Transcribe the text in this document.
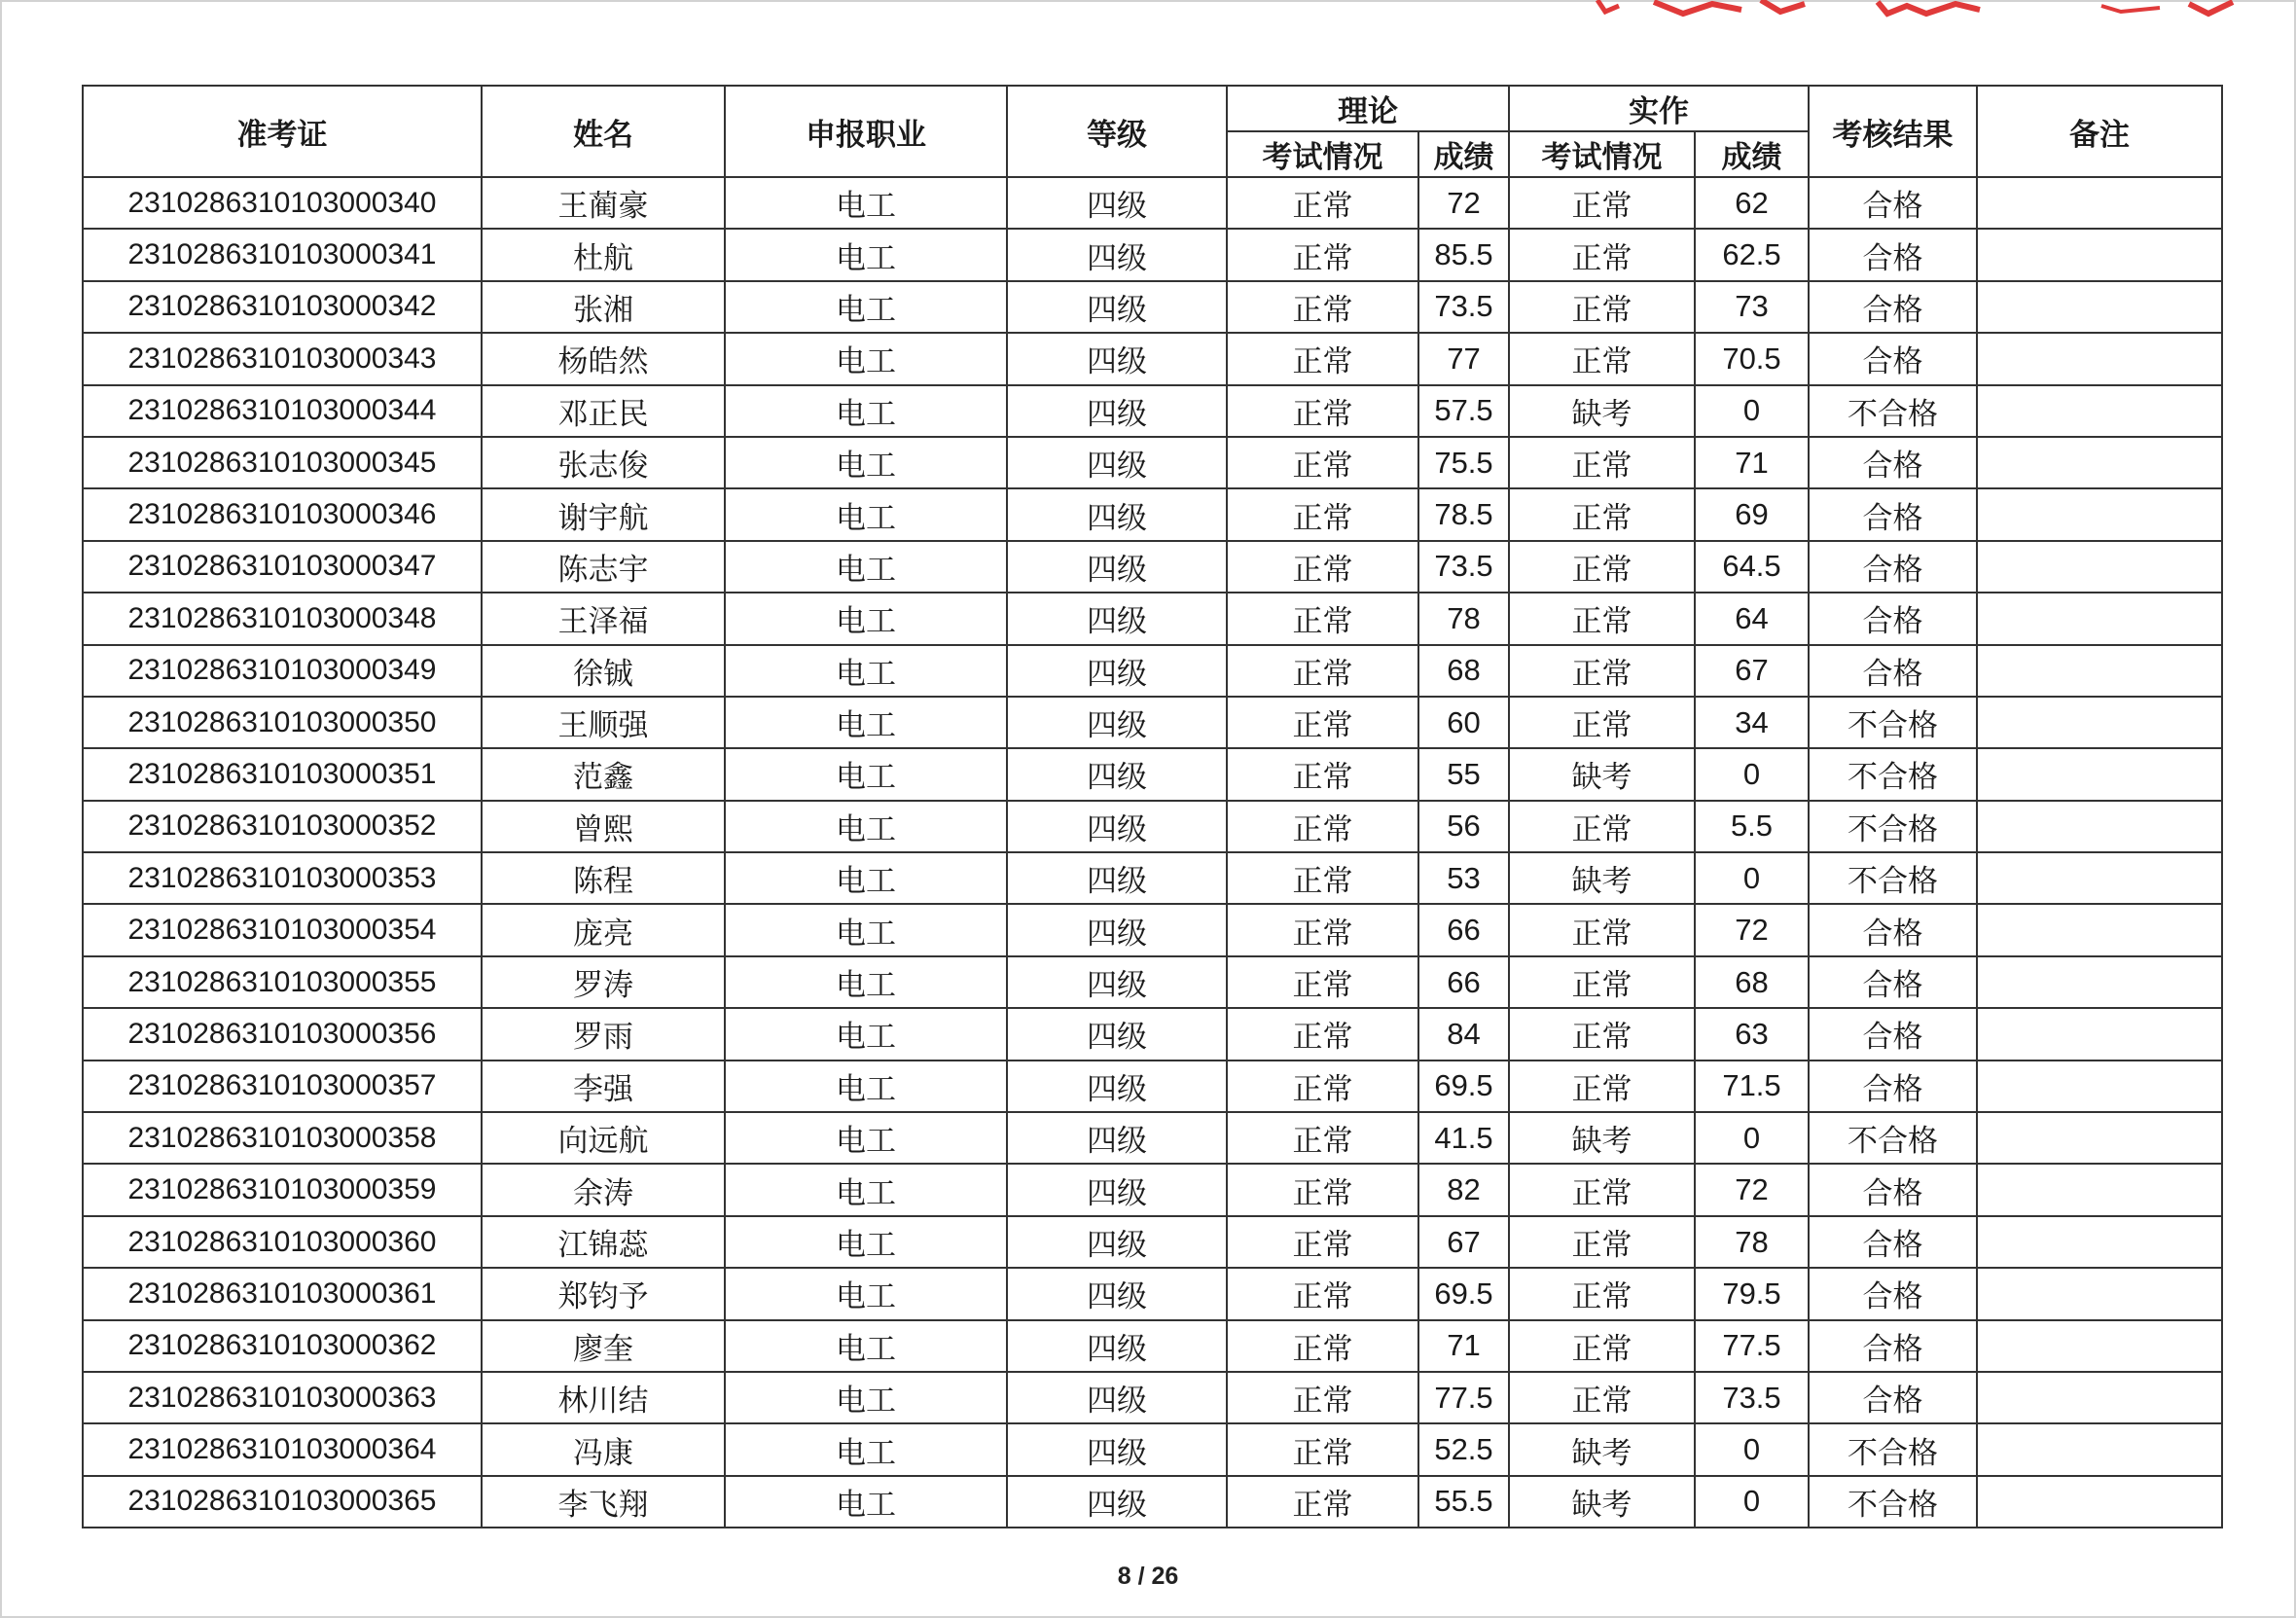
准考证	姓名	申报职业	等级	理论		实作		考核结果	备注
				考试情况	成绩	考试情况	成绩		
2310286310103000340	王蔺豪	电工	四级	正常	72	正常	62	合格	
2310286310103000341	杜航	电工	四级	正常	85.5	正常	62.5	合格	
2310286310103000342	张湘	电工	四级	正常	73.5	正常	73	合格	
2310286310103000343	杨皓然	电工	四级	正常	77	正常	70.5	合格	
2310286310103000344	邓正民	电工	四级	正常	57.5	缺考	0	不合格	
2310286310103000345	张志俊	电工	四级	正常	75.5	正常	71	合格	
2310286310103000346	谢宇航	电工	四级	正常	78.5	正常	69	合格	
2310286310103000347	陈志宇	电工	四级	正常	73.5	正常	64.5	合格	
2310286310103000348	王泽福	电工	四级	正常	78	正常	64	合格	
2310286310103000349	徐铖	电工	四级	正常	68	正常	67	合格	
2310286310103000350	王顺强	电工	四级	正常	60	正常	34	不合格	
2310286310103000351	范鑫	电工	四级	正常	55	缺考	0	不合格	
2310286310103000352	曾熙	电工	四级	正常	56	正常	5.5	不合格	
2310286310103000353	陈程	电工	四级	正常	53	缺考	0	不合格	
2310286310103000354	庞亮	电工	四级	正常	66	正常	72	合格	
2310286310103000355	罗涛	电工	四级	正常	66	正常	68	合格	
2310286310103000356	罗雨	电工	四级	正常	84	正常	63	合格	
2310286310103000357	李强	电工	四级	正常	69.5	正常	71.5	合格	
2310286310103000358	向远航	电工	四级	正常	41.5	缺考	0	不合格	
2310286310103000359	余涛	电工	四级	正常	82	正常	72	合格	
2310286310103000360	江锦蕊	电工	四级	正常	67	正常	78	合格	
2310286310103000361	郑钧予	电工	四级	正常	69.5	正常	79.5	合格	
2310286310103000362	廖奎	电工	四级	正常	71	正常	77.5	合格	
2310286310103000363	林川结	电工	四级	正常	77.5	正常	73.5	合格	
2310286310103000364	冯康	电工	四级	正常	52.5	缺考	0	不合格	
2310286310103000365	李飞翔	电工	四级	正常	55.5	缺考	0	不合格	
8 / 26
